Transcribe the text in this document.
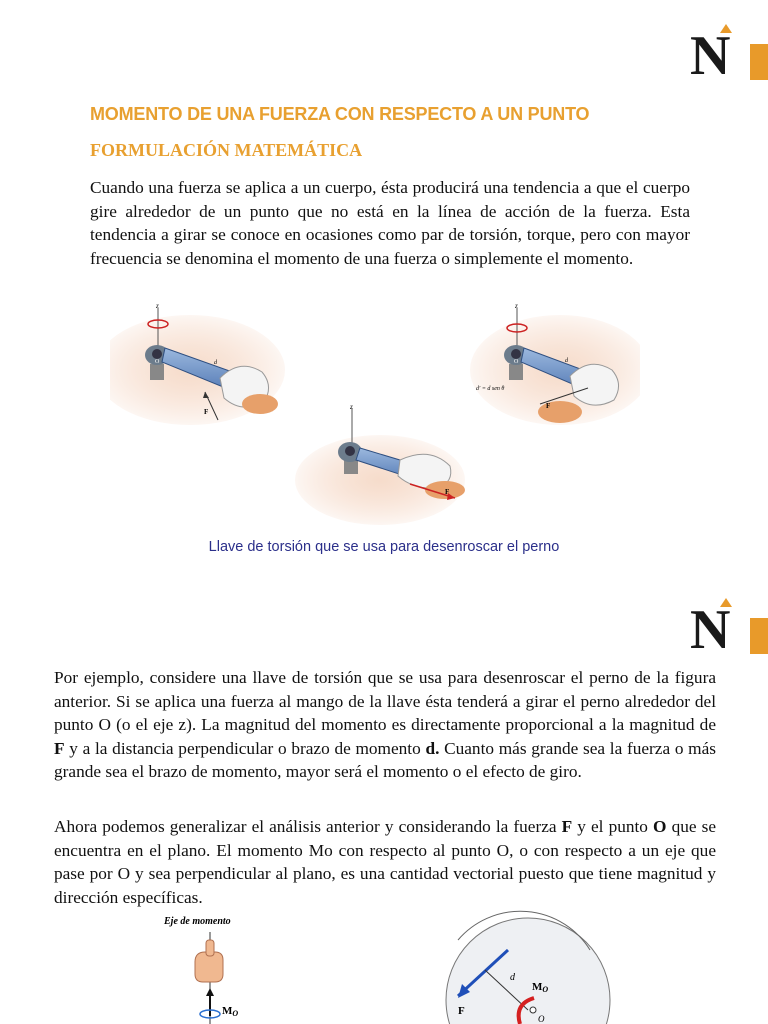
N
N
MOMENTO DE UNA FUERZA CON RESPECTO A UN PUNTO
FORMULACIÓN MATEMÁTICA
Cuando una fuerza se aplica a un cuerpo, ésta producirá una tendencia a que el cuerpo gire alrededor de un punto que no está en la línea de acción de la fuerza. Esta tendencia a girar se conoce en ocasiones como par de torsión, torque, pero con mayor frecuencia se denomina el momento de una fuerza o simplemente el momento.
z
F
d
O
z
F
d
d′ = d sen θ
O
z
F
Llave de torsión que se usa para desenroscar el perno
Por ejemplo, considere una llave de torsión que se usa para desenroscar el perno de la figura anterior. Si se aplica una fuerza al mango de la llave ésta tenderá a girar el perno alrededor del punto O (o el eje z). La magnitud del momento es directamente proporcional a la magnitud de F y a la distancia perpendicular o brazo de momento d. Cuanto más grande sea la fuerza o más grande sea el brazo de momento, mayor será el momento o el efecto de giro.
Ahora podemos generalizar el análisis anterior y considerando la fuerza F y el punto O que se encuentra en el plano. El momento Mo con respecto al punto O, o con respecto a un eje que pase por O y sea perpendicular al plano, es una cantidad vectorial puesto que tiene magnitud y dirección específicas.
Eje de momento
MO
d
MO
O
F
